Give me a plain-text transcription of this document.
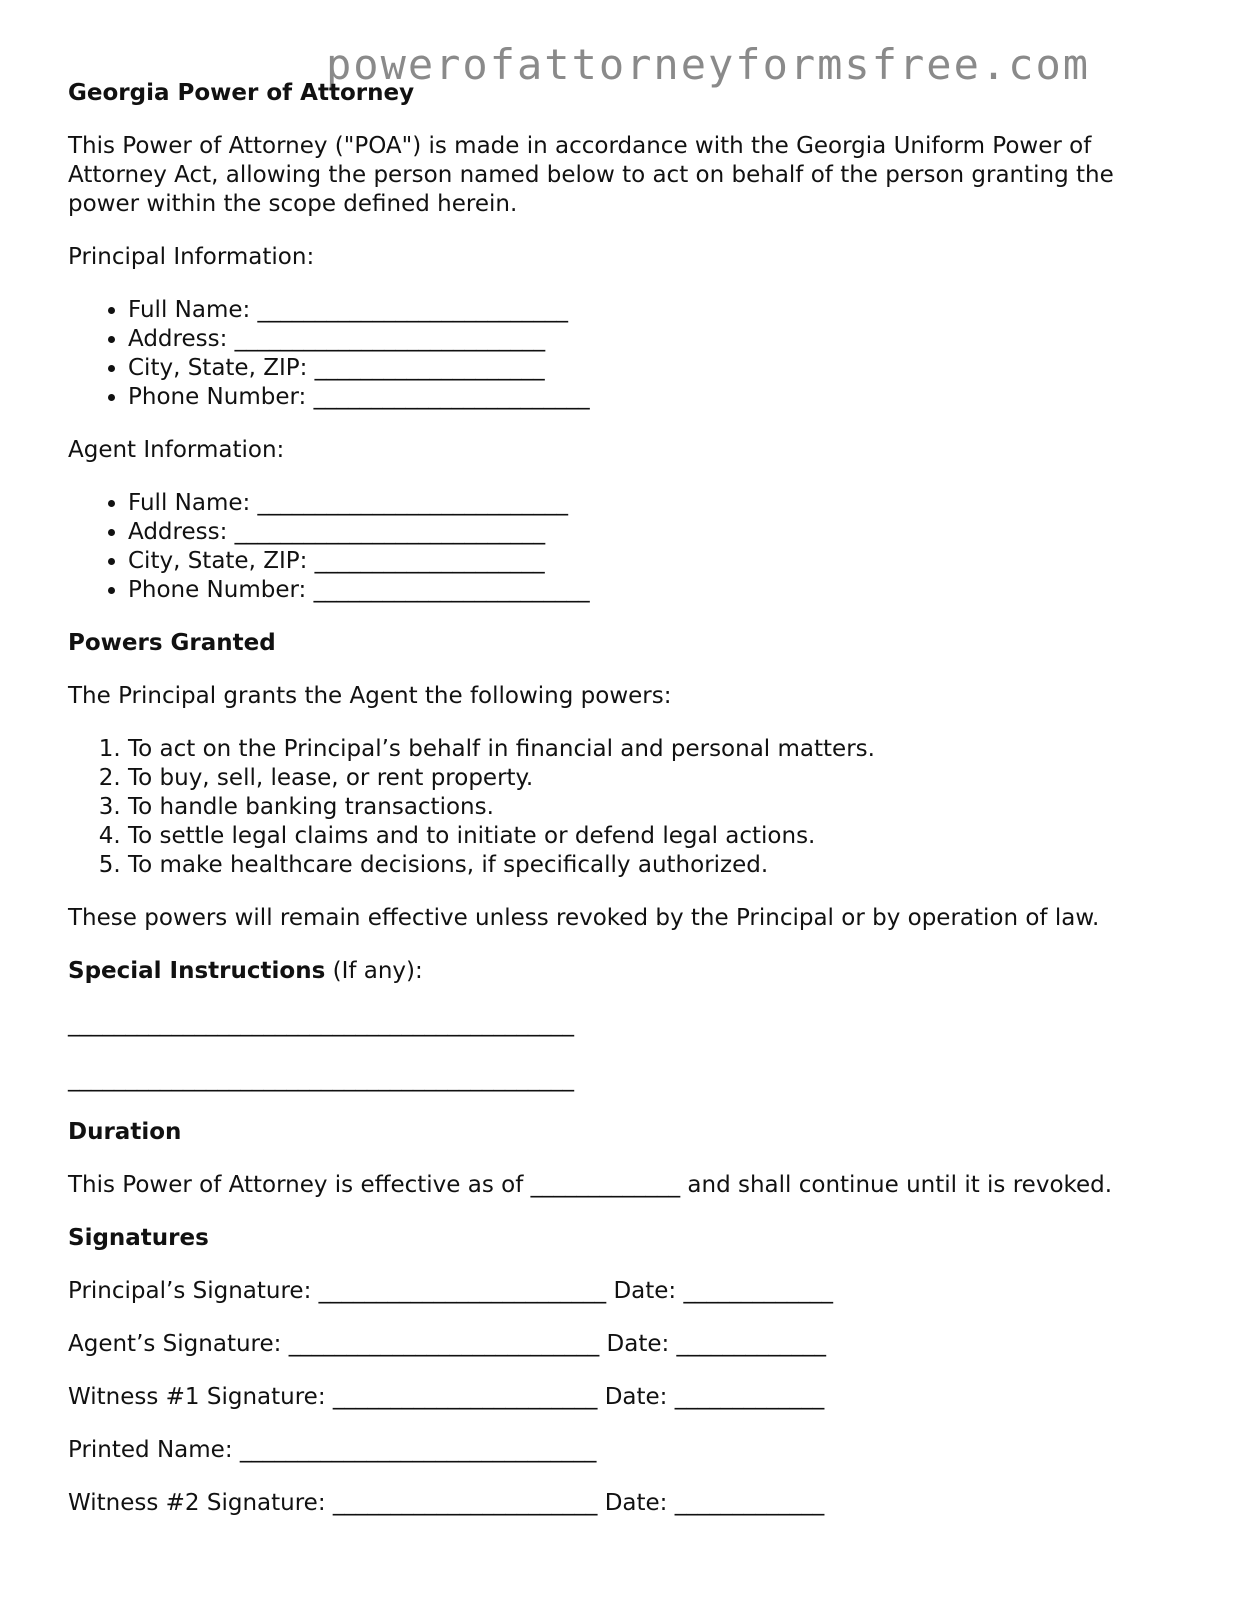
powerofattorneyformsfree.com

Georgia Power of Attorney

This Power of Attorney ("POA") is made in accordance with the Georgia Uniform Power of Attorney Act, allowing the person named below to act on behalf of the person granting the power within the scope defined herein.

Principal Information:

• Full Name: ___________________________
• Address: ___________________________
• City, State, ZIP: ____________________
• Phone Number: ________________________

Agent Information:

• Full Name: ___________________________
• Address: ___________________________
• City, State, ZIP: ____________________
• Phone Number: ________________________

Powers Granted

The Principal grants the Agent the following powers:

1. To act on the Principal’s behalf in financial and personal matters.
2. To buy, sell, lease, or rent property.
3. To handle banking transactions.
4. To settle legal claims and to initiate or defend legal actions.
5. To make healthcare decisions, if specifically authorized.

These powers will remain effective unless revoked by the Principal or by operation of law.

Special Instructions (If any):

____________________________________________

____________________________________________

Duration

This Power of Attorney is effective as of _____________ and shall continue until it is revoked.

Signatures

Principal’s Signature: _________________________ Date: _____________

Agent’s Signature: ___________________________ Date: _____________

Witness #1 Signature: _______________________ Date: _____________

Printed Name: _______________________________

Witness #2 Signature: _______________________ Date: _____________
